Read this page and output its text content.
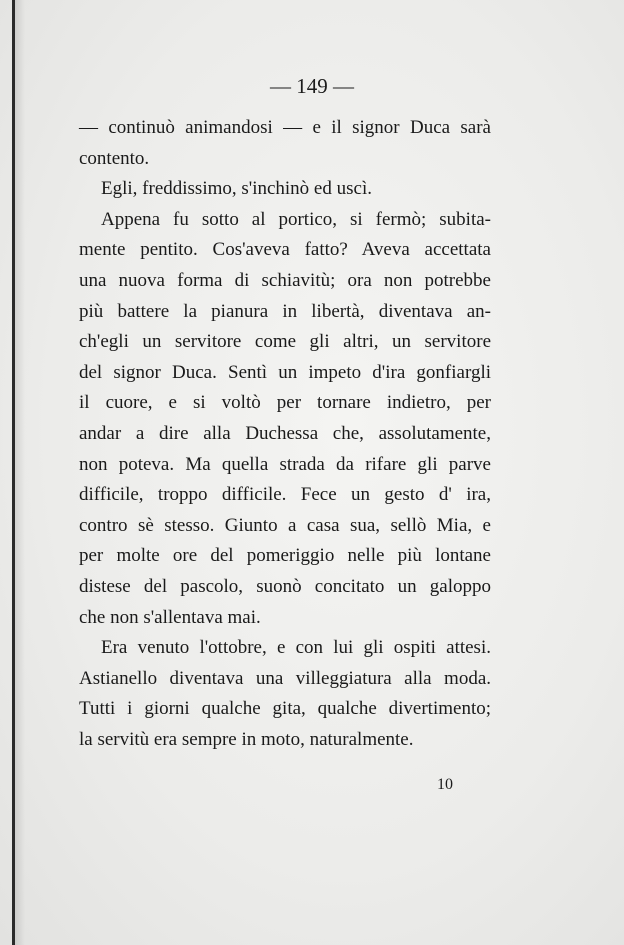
— 149 —
— continuò animandosi — e il signor Duca sarà
contento.
Egli, freddissimo, s'inchinò ed uscì.
Appena fu sotto al portico, si fermò; subita-
mente pentito. Cos'aveva fatto? Aveva accettata
una nuova forma di schiavitù; ora non potrebbe
più battere la pianura in libertà, diventava an-
ch'egli un servitore come gli altri, un servitore
del signor Duca. Sentì un impeto d'ira gonfiargli
il cuore, e si voltò per tornare indietro, per
andar a dire alla Duchessa che, assolutamente,
non poteva. Ma quella strada da rifare gli parve
difficile, troppo difficile. Fece un gesto d' ira,
contro sè stesso. Giunto a casa sua, sellò Mia, e
per molte ore del pomeriggio nelle più lontane
distese del pascolo, suonò concitato un galoppo
che non s'allentava mai.
Era venuto l'ottobre, e con lui gli ospiti attesi.
Astianello diventava una villeggiatura alla moda.
Tutti i giorni qualche gita, qualche divertimento;
la servitù era sempre in moto, naturalmente.
10
